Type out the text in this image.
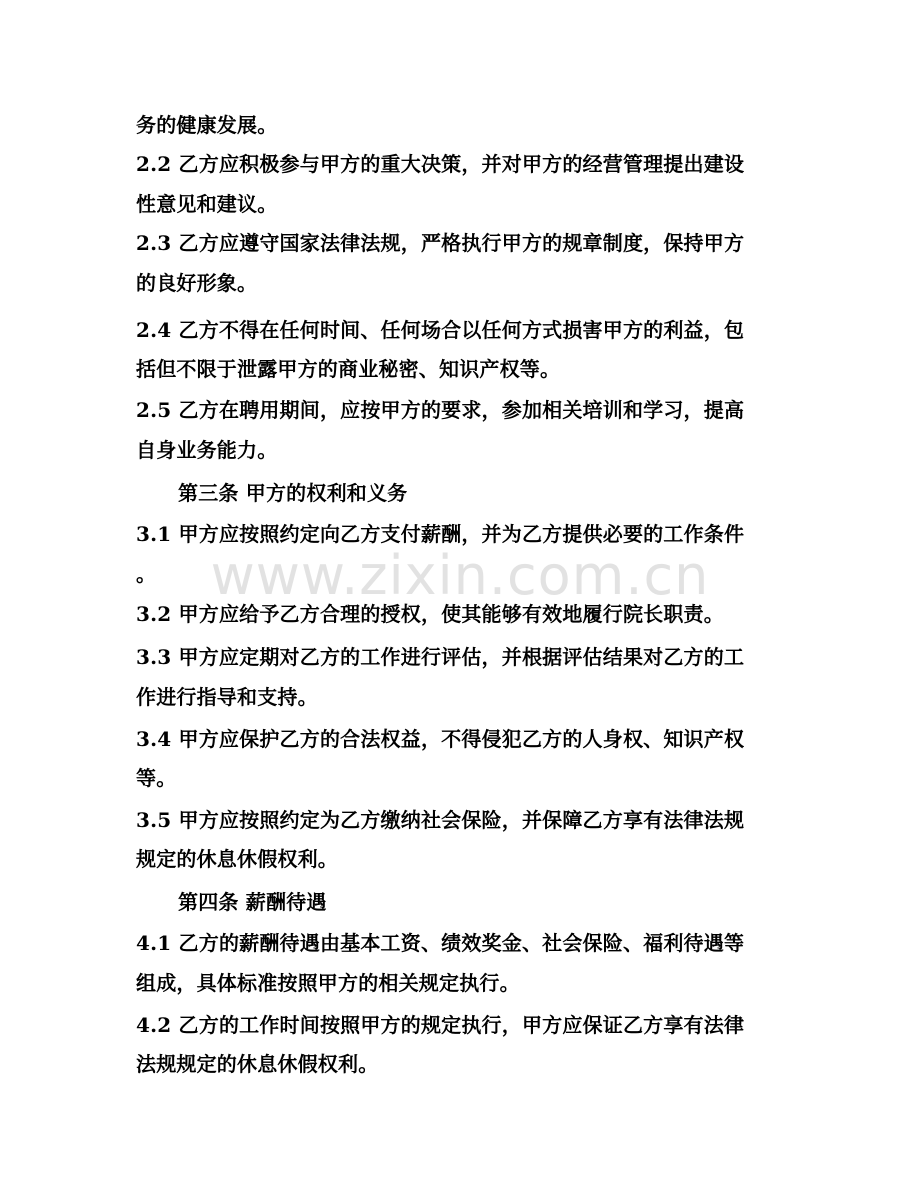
www.zixin.com.cn
务的健康发展。
2.2 乙方应积极参与甲方的重大决策，并对甲方的经营管理提出建设
性意见和建议。
2.3 乙方应遵守国家法律法规，严格执行甲方的规章制度，保持甲方
的良好形象。
2.4 乙方不得在任何时间、任何场合以任何方式损害甲方的利益，包
括但不限于泄露甲方的商业秘密、知识产权等。
2.5 乙方在聘用期间，应按甲方的要求，参加相关培训和学习，提高
自身业务能力。
第三条 甲方的权利和义务
3.1 甲方应按照约定向乙方支付薪酬，并为乙方提供必要的工作条件
。
3.2 甲方应给予乙方合理的授权，使其能够有效地履行院长职责。
3.3 甲方应定期对乙方的工作进行评估，并根据评估结果对乙方的工
作进行指导和支持。
3.4 甲方应保护乙方的合法权益，不得侵犯乙方的人身权、知识产权
等。
3.5 甲方应按照约定为乙方缴纳社会保险，并保障乙方享有法律法规
规定的休息休假权利。
第四条 薪酬待遇
4.1 乙方的薪酬待遇由基本工资、绩效奖金、社会保险、福利待遇等
组成，具体标准按照甲方的相关规定执行。
4.2 乙方的工作时间按照甲方的规定执行，甲方应保证乙方享有法律
法规规定的休息休假权利。
